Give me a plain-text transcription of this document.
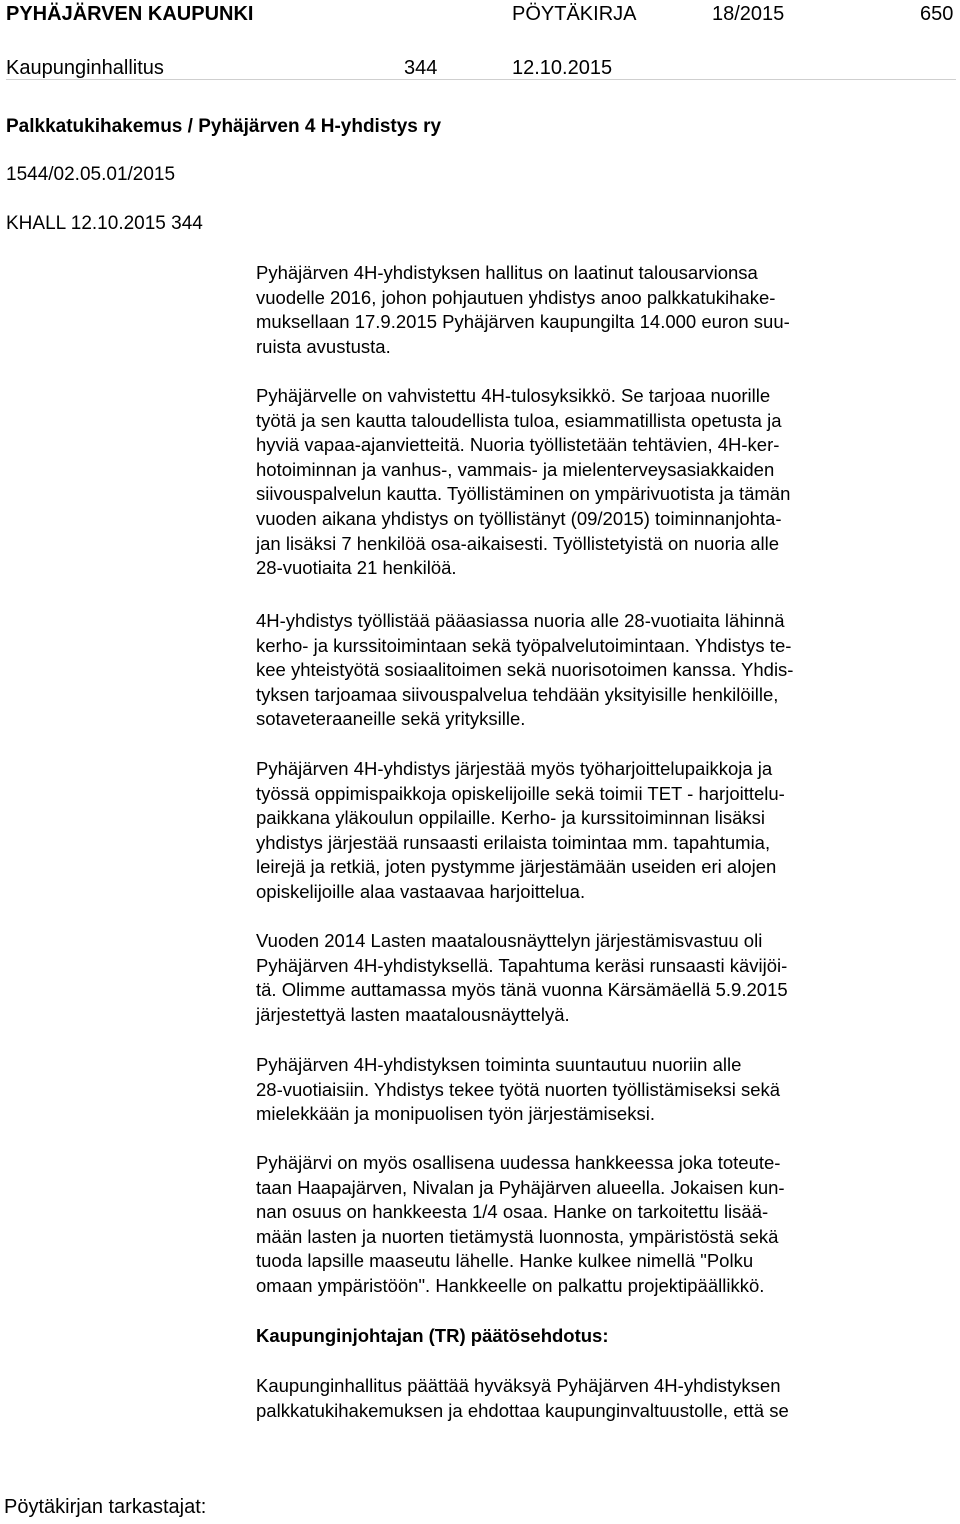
PYHÄJÄRVEN KAUPUNKI	PÖYTÄKIRJA	18/2015	650
Kaupunginhallitus	344	12.10.2015
Palkkatukihakemus / Pyhäjärven 4 H-yhdistys ry
1544/02.05.01/2015
KHALL 12.10.2015 344
Pyhäjärven 4H-yhdistyksen hallitus on laatinut talousarvionsa
vuodelle 2016, johon pohjautuen yhdistys anoo palkkatukihake-
muksellaan 17.9.2015 Pyhäjärven kaupungilta 14.000 euron suu-
ruista avustusta.
Pyhäjärvelle on vahvistettu 4H-tulosyksikkö. Se tarjoaa nuorille
työtä ja sen kautta taloudellista tuloa, esiammatillista opetusta ja
hyviä vapaa-ajanvietteitä. Nuoria työllistetään tehtävien, 4H-ker-
hotoiminnan ja vanhus-, vammais- ja mielenterveysasiakkaiden
siivouspalvelun kautta. Työllistäminen on ympärivuotista ja tämän
vuoden aikana yhdistys on työllistänyt (09/2015) toiminnanjohta-
jan lisäksi 7 henkilöä osa-aikaisesti. Työllistetyistä on nuoria alle
28-vuotiaita 21 henkilöä.
4H-yhdistys työllistää pääasiassa nuoria alle 28-vuotiaita lähinnä
kerho- ja kurssitoimintaan sekä työpalvelutoimintaan. Yhdistys te-
kee yhteistyötä sosiaalitoimen sekä nuorisotoimen kanssa. Yhdis-
tyksen tarjoamaa siivouspalvelua tehdään yksityisille henkilöille,
sotaveteraaneille sekä yrityksille.
Pyhäjärven 4H-yhdistys järjestää myös työharjoittelupaikkoja ja
työssä oppimispaikkoja opiskelijoille sekä toimii TET - harjoittelu-
paikkana yläkoulun oppilaille. Kerho- ja kurssitoiminnan lisäksi
yhdistys järjestää runsaasti erilaista toimintaa mm. tapahtumia,
leirejä ja retkiä, joten pystymme järjestämään useiden eri alojen
opiskelijoille alaa vastaavaa harjoittelua.
Vuoden 2014 Lasten maatalousnäyttelyn järjestämisvastuu oli
Pyhäjärven 4H-yhdistyksellä. Tapahtuma keräsi runsaasti kävijöi-
tä. Olimme auttamassa myös tänä vuonna Kärsämäellä 5.9.2015
järjestettyä lasten maatalousnäyttelyä.
Pyhäjärven 4H-yhdistyksen toiminta suuntautuu nuoriin alle
28-vuotiaisiin. Yhdistys tekee työtä nuorten työllistämiseksi sekä
mielekkään ja monipuolisen työn järjestämiseksi.
Pyhäjärvi on myös osallisena uudessa hankkeessa joka toteute-
taan Haapajärven, Nivalan ja Pyhäjärven alueella. Jokaisen kun-
nan osuus on hankkeesta 1/4 osaa. Hanke on tarkoitettu lisää-
mään lasten ja nuorten tietämystä luonnosta, ympäristöstä sekä
tuoda lapsille maaseutu lähelle. Hanke kulkee nimellä "Polku
omaan ympäristöön". Hankkeelle on palkattu projektipäällikkö.
Kaupunginjohtajan (TR) päätösehdotus:
Kaupunginhallitus päättää hyväksyä Pyhäjärven 4H-yhdistyksen
palkkatukihakemuksen ja ehdottaa kaupunginvaltuustolle, että se
Pöytäkirjan tarkastajat:
